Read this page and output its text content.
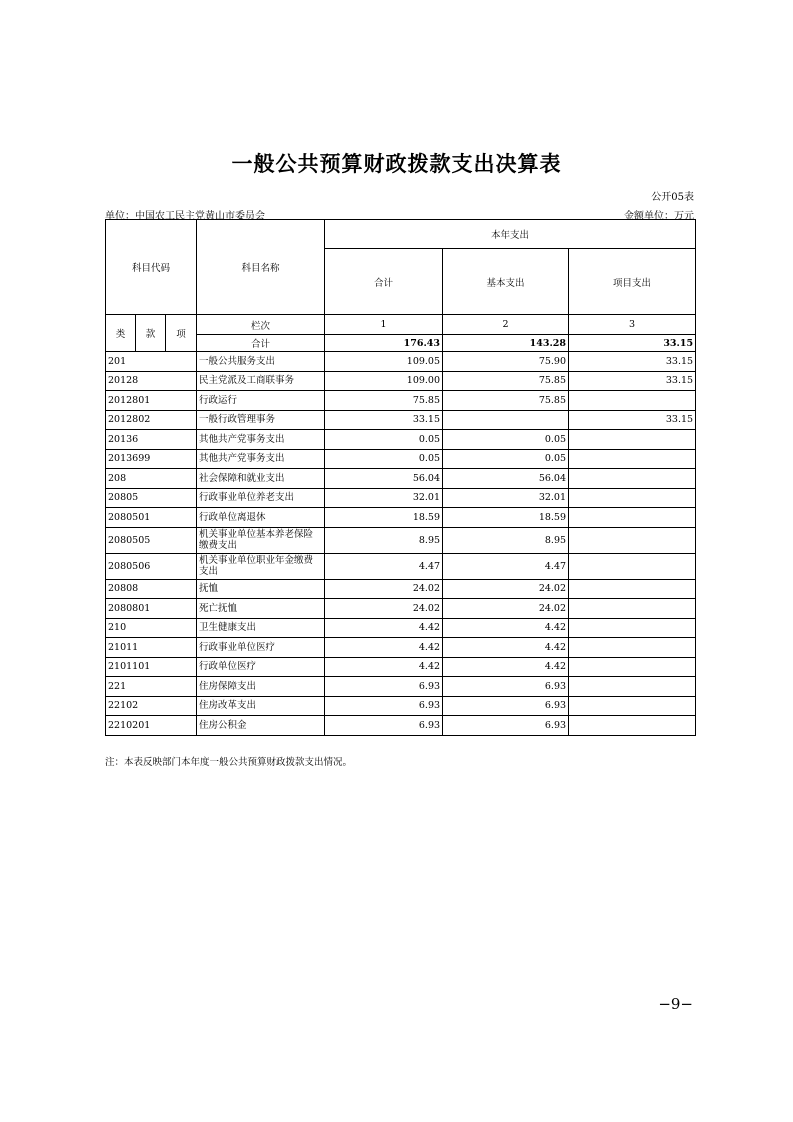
一般公共预算财政拨款支出决算表
公开05表
单位：中国农工民主党黄山市委员会	金额单位：万元
科目代码			科目名称	本年支出		
				合计	基本支出	项目支出

类	款	项	栏次	1	2	3
			合计	176.43	143.28	33.15
201			一般公共服务支出	109.05	75.90	33.15
20128			民主党派及工商联事务	109.00	75.85	33.15
2012801			行政运行	75.85	75.85	
2012802			一般行政管理事务	33.15		33.15
20136			其他共产党事务支出	0.05	0.05	
2013699			其他共产党事务支出	0.05	0.05	
208			社会保障和就业支出	56.04	56.04	
20805			行政事业单位养老支出	32.01	32.01	
2080501			行政单位离退休	18.59	18.59	
2080505			机关事业单位基本养老保险缴费支出	8.95	8.95	
2080506			机关事业单位职业年金缴费支出	4.47	4.47	
20808			抚恤	24.02	24.02	
2080801			死亡抚恤	24.02	24.02	
210			卫生健康支出	4.42	4.42	
21011			行政事业单位医疗	4.42	4.42	
2101101			行政单位医疗	4.42	4.42	
221			住房保障支出	6.93	6.93	
22102			住房改革支出	6.93	6.93	
2210201			住房公积金	6.93	6.93	
注：本表反映部门本年度一般公共预算财政拨款支出情况。
−9−
